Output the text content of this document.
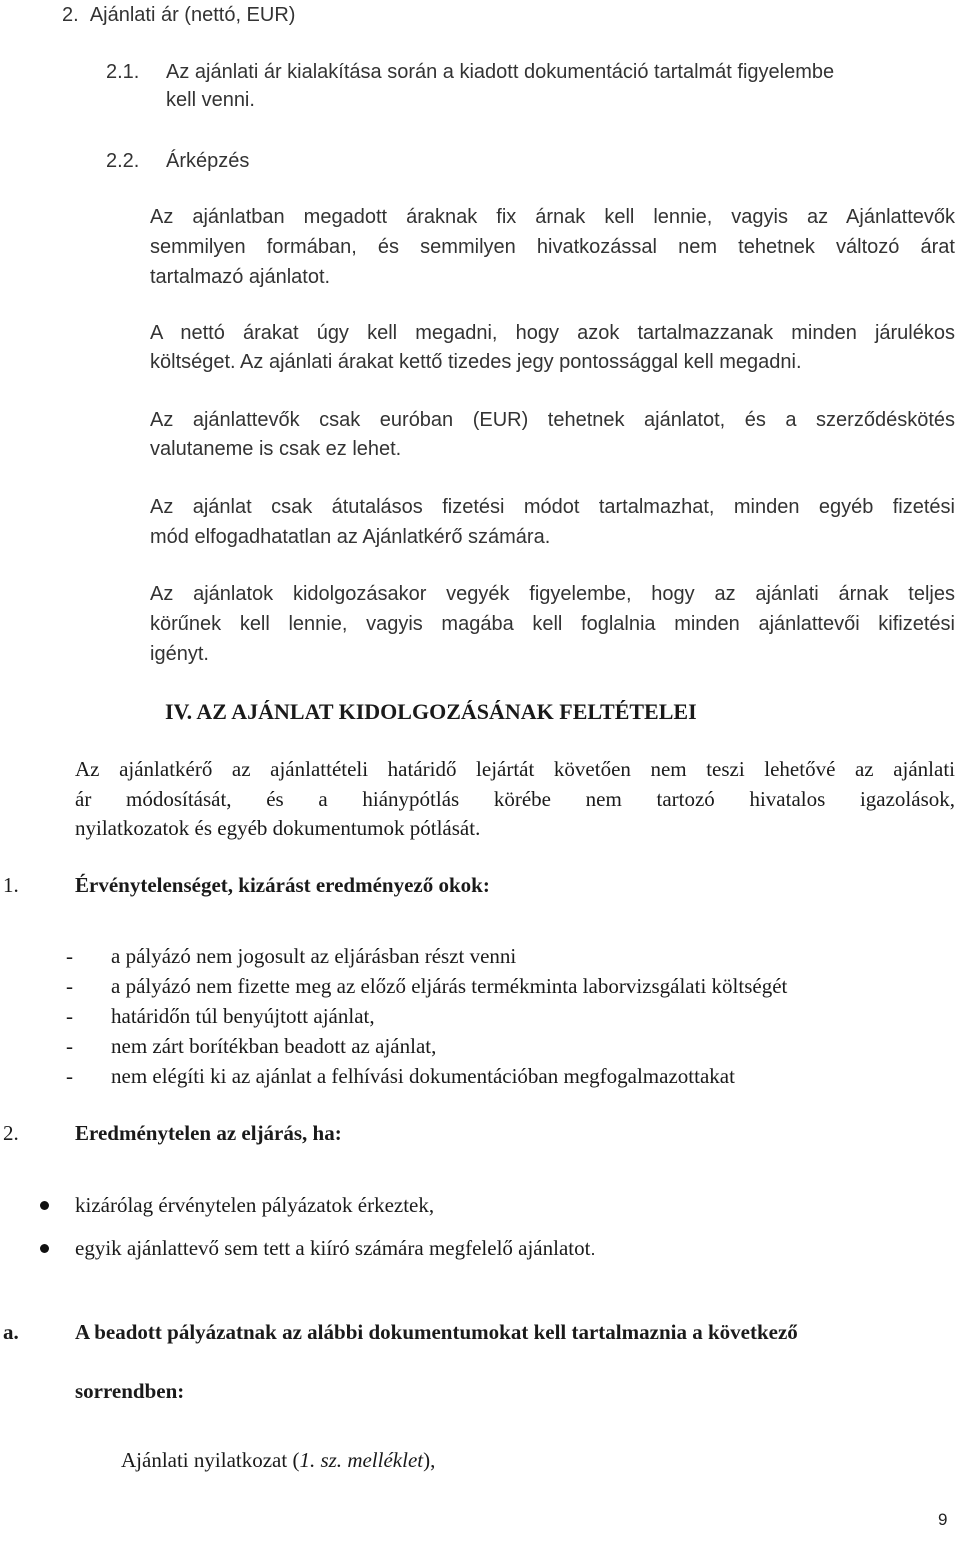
2. Ajánlati ár (nettó, EUR)
2.1. Az ajánlati ár kialakítása során a kiadott dokumentáció tartalmát figyelembe
kell venni.
2.2. Árképzés
Az ajánlatban megadott áraknak fix árnak kell lennie, vagyis az Ajánlattevők
semmilyen formában, és semmilyen hivatkozással nem tehetnek változó árat
tartalmazó ajánlatot.
A nettó árakat úgy kell megadni, hogy azok tartalmazzanak minden járulékos
költséget. Az ajánlati árakat kettő tizedes jegy pontossággal kell megadni.
Az ajánlattevők csak euróban (EUR) tehetnek ajánlatot, és a szerződéskötés
valutaneme is csak ez lehet.
Az ajánlat csak átutalásos fizetési módot tartalmazhat, minden egyéb fizetési
mód elfogadhatatlan az Ajánlatkérő számára.
Az ajánlatok kidolgozásakor vegyék figyelembe, hogy az ajánlati árnak teljes
körűnek kell lennie, vagyis magába kell foglalnia minden ajánlattevői kifizetési
igényt.
IV. AZ AJÁNLAT KIDOLGOZÁSÁNAK FELTÉTELEI
Az ajánlatkérő az ajánlattételi határidő lejártát követően nem teszi lehetővé az ajánlati
ár módosítását, és a hiánypótlás körébe nem tartozó hivatalos igazolások,
nyilatkozatok és egyéb dokumentumok pótlását.
1.	Érvénytelenséget, kizárást eredményező okok:
- a pályázó nem jogosult az eljárásban részt venni
- a pályázó nem fizette meg az előző eljárás termékminta laborvizsgálati költségét
- határidőn túl benyújtott ajánlat,
- nem zárt borítékban beadott az ajánlat,
- nem elégíti ki az ajánlat a felhívási dokumentációban megfogalmazottakat
2.	Eredménytelen az eljárás, ha:
kizárólag érvénytelen pályázatok érkeztek,
egyik ajánlattevő sem tett a kiíró számára megfelelő ajánlatot.
a.	A beadott pályázatnak az alábbi dokumentumokat kell tartalmaznia a következő
sorrendben:
Ajánlati nyilatkozat (1. sz. melléklet),
9
